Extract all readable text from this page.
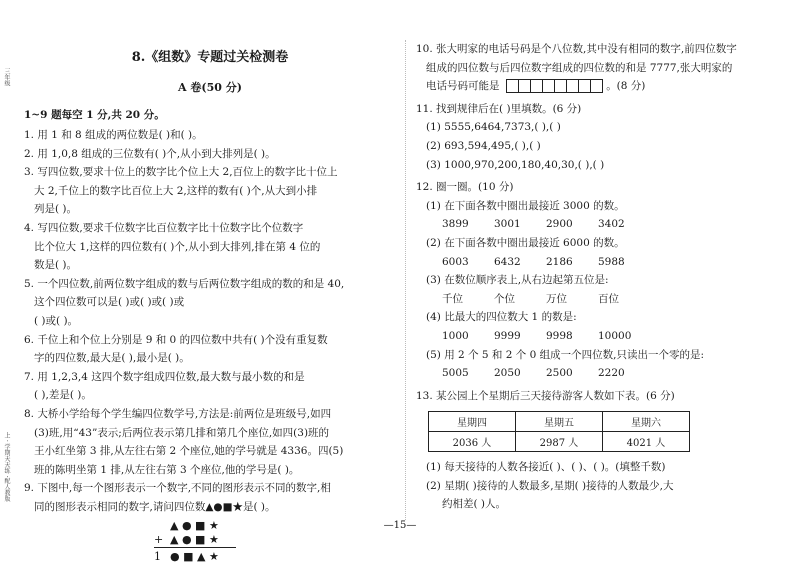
三年级
上 · 学期天天练 ·配人教版
8.《组数》专题过关检测卷
A 卷(50 分)
1~9 题每空 1 分,共 20 分。
1. 用 1 和 8 组成的两位数是( )和( )。
2. 用 1,0,8 组成的三位数有( )个,从小到大排列是( )。
3. 写四位数,要求十位上的数字比个位上大 2,百位上的数字比十位上
大 2,千位上的数字比百位上大 2,这样的数有( )个,从大到小排
列是( )。
4. 写四位数,要求千位数字比百位数字比十位数字比个位数字
比个位大 1,这样的四位数有( )个,从小到大排列,排在第 4 位的
数是( )。
5. 一个四位数,前两位数字组成的数与后两位数字组成的数的和是 40,
这个四位数可以是( )或( )或( )或
( )或( )。
6. 千位上和个位上分别是 9 和 0 的四位数中共有( )个没有重复数
字的四位数,最大是( ),最小是( )。
7. 用 1,2,3,4 这四个数字组成四位数,最大数与最小数的和是
( ),差是( )。
8. 大桥小学给每个学生编四位数学号,方法是:前两位是班级号,如四
(3)班,用“43”表示;后两位表示第几排和第几个座位,如四(3)班的
王小红坐第 3 排,从左往右第 2 个座位,她的学号就是 4336。四(5)
班的陈明坐第 1 排,从左往右第 3 个座位,他的学号是( )。
9. 下图中,每一个图形表示一个数字,不同的图形表示不同的数字,相
同的图形表示相同的数字,请问四位数▲●■★是( )。
▲ ● ■ ★
+ ▲ ● ■ ★
1 ● ■ ▲ ★
10. 张大明家的电话号码是个八位数,其中没有相同的数字,前四位数字
组成的四位数与后四位数字组成的四位数的和是 7777,张大明家的
电话号码可能是	。(8 分)
11. 找到规律后在( )里填数。(6 分)
(1) 5555,6464,7373,( ),( )
(2) 693,594,495,( ),( )
(3) 1000,970,200,180,40,30,( ),( )
12. 圈一圈。(10 分)
(1) 在下面各数中圈出最接近 3000 的数。
3899	3001	2900	3402
(2) 在下面各数中圈出最接近 6000 的数。
6003	6432	2186	5988
(3) 在数位顺序表上,从右边起第五位是:
千位	个位	万位	百位
(4) 比最大的四位数大 1 的数是:
1000	9999	9998	10000
(5) 用 2 个 5 和 2 个 0 组成一个四位数,只读出一个零的是:
5005	2050	2500	2220
13. 某公园上个星期后三天接待游客人数如下表。(6 分)
星期四	星期五	星期六
2036 人	2987 人	4021 人
(1) 每天接待的人数各接近( )、( )、( )。(填整千数)
(2) 星期( )接待的人数最多,星期( )接待的人数最少,大
约相差( )人。
—15—
